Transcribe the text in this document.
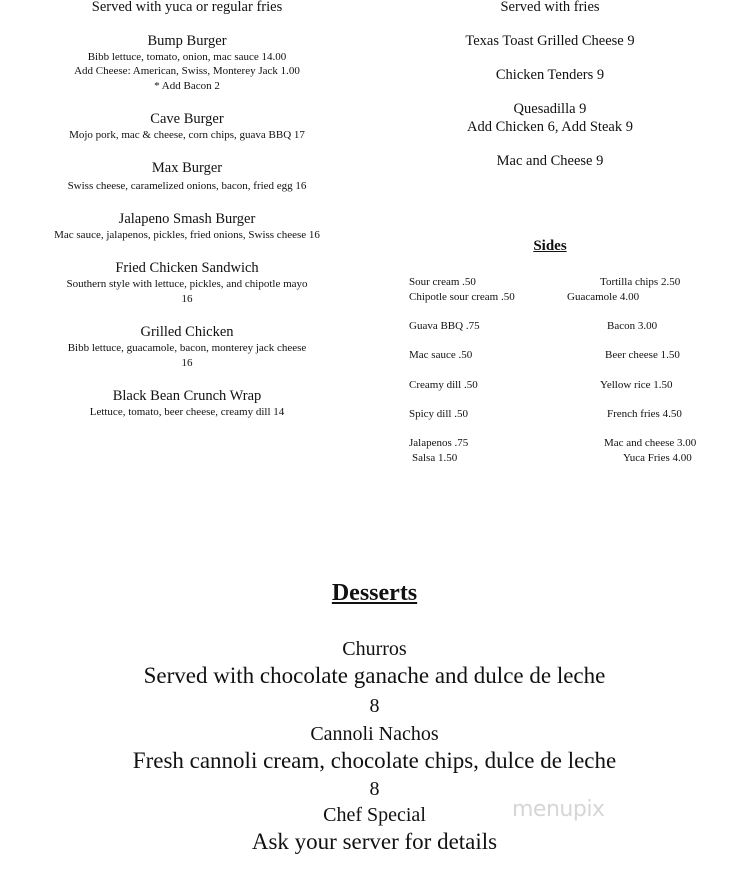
Served with yuca or regular fries
Bump Burger
Bibb lettuce, tomato, onion, mac sauce 14.00
Add Cheese: American, Swiss, Monterey Jack 1.00
* Add Bacon 2
Cave Burger
Mojo pork, mac & cheese, corn chips, guava BBQ 17
Max Burger
Swiss cheese, caramelized onions, bacon, fried egg 16
Jalapeno Smash Burger
Mac sauce, jalapenos, pickles, fried onions, Swiss cheese 16
Fried Chicken Sandwich
Southern style with lettuce, pickles, and chipotle mayo
16
Grilled Chicken
Bibb lettuce, guacamole, bacon, monterey jack cheese
16
Black Bean Crunch Wrap
Lettuce, tomato, beer cheese, creamy dill 14
Served with fries
Texas Toast Grilled Cheese 9
Chicken Tenders 9
Quesadilla 9
Add Chicken 6, Add Steak 9
Mac and Cheese 9
Sides
Sour cream .50
Chipotle sour cream .50
Guava BBQ .75
Mac sauce .50
Creamy dill .50
Spicy dill .50
Jalapenos .75
Salsa 1.50
Tortilla chips 2.50
Guacamole 4.00
Bacon 3.00
Beer cheese 1.50
Yellow rice 1.50
French fries 4.50
Mac and cheese 3.00
Yuca Fries 4.00
Desserts
Churros
Served with chocolate ganache and dulce de leche
8
Cannoli Nachos
Fresh cannoli cream, chocolate chips, dulce de leche
8
Chef Special
Ask your server for details
menupix
